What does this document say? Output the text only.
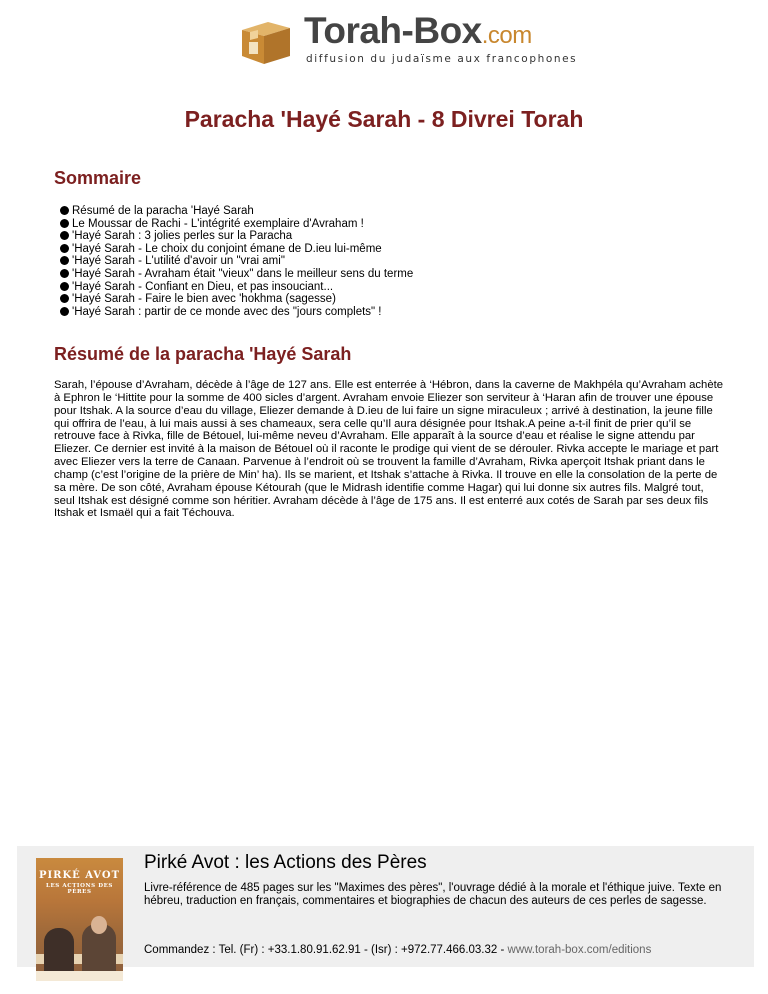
Torah-Box.com
diffusion du judaïsme aux francophones
Paracha 'Hayé Sarah - 8 Divrei Torah
Sommaire
Résumé de la paracha 'Hayé Sarah
Le Moussar de Rachi - L'intégrité exemplaire d'Avraham !
'Hayé Sarah : 3 jolies perles sur la Paracha
'Hayé Sarah - Le choix du conjoint émane de D.ieu lui-même
'Hayé Sarah - L'utilité d'avoir un "vrai ami"
'Hayé Sarah - Avraham était "vieux" dans le meilleur sens du terme
'Hayé Sarah - Confiant en Dieu, et pas insouciant...
'Hayé Sarah - Faire le bien avec 'hokhma (sagesse)
'Hayé Sarah : partir de ce monde avec des "jours complets" !
Résumé de la paracha 'Hayé Sarah

Sarah, l’épouse d’Avraham, décède à l’âge de 127 ans. Elle est enterrée à ‘Hébron, dans la caverne de Makhpéla qu’Avraham achète à Ephron le ‘Hittite pour la somme de 400 sicles d’argent. Avraham envoie Eliezer son serviteur à ‘Haran afin de trouver une épouse pour Itshak. A la source d’eau du village, Eliezer demande à D.ieu de lui faire un signe miraculeux ; arrivé à destination, la jeune fille qui offrira de l’eau, à lui mais aussi à ses chameaux, sera celle qu’Il aura désignée pour Itshak.A peine a-t-il finit de prier qu’il se retrouve face à Rivka, fille de Bétouel, lui-même neveu d’Avraham. Elle apparaît à la source d’eau et réalise le signe attendu par Eliezer. Ce dernier est invité à la maison de Bétouel où il raconte le prodige qui vient de se dérouler. Rivka accepte le mariage et part avec Eliezer vers la terre de Canaan. Parvenue à l’endroit où se trouvent la famille d’Avraham, Rivka aperçoit Itshak priant dans le champ (c’est l’origine de la prière de Min’ ha). Ils se marient, et Itshak s’attache à Rivka. Il trouve en elle la consolation de la perte de sa mère. De son côté, Avraham épouse Kétourah (que le Midrash identifie comme Hagar) qui lui donne six autres fils. Malgré tout, seul Itshak est désigné comme son héritier. Avraham décède à l’âge de 175 ans. Il est enterré aux cotés de Sarah par ses deux fils Itshak et Ismaël qui a fait Téchouva.

PIRKÉ AVOT
LES ACTIONS DES PÈRES
Pirké Avot : les Actions des Pères

Livre-référence de 485 pages sur les "Maximes des pères", l'ouvrage dédié à la morale et l'éthique juive. Texte en hébreu, traduction en français, commentaires et biographies de chacun des auteurs de ces perles de sagesse.

Commandez : Tel. (Fr) : +33.1.80.91.62.91 - (Isr) : +972.77.466.03.32 - www.torah-box.com/editions
